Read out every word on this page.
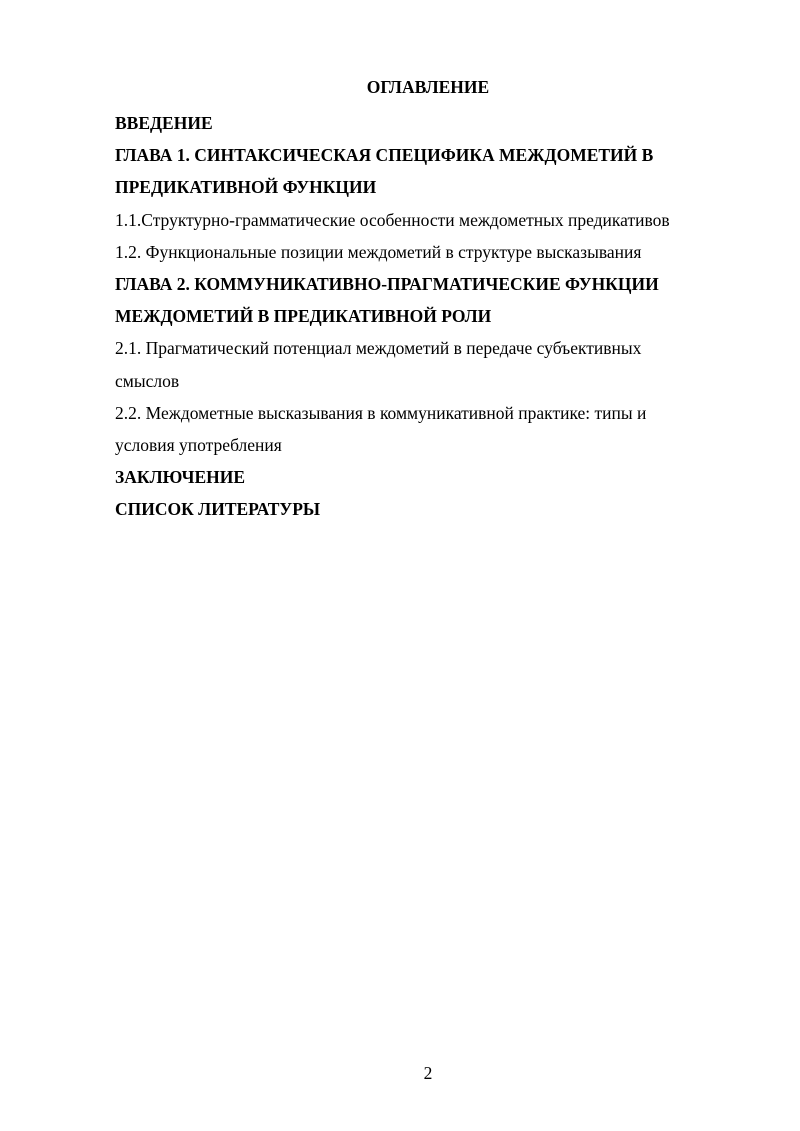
ОГЛАВЛЕНИЕ
ВВЕДЕНИЕ
ГЛАВА 1. СИНТАКСИЧЕСКАЯ СПЕЦИФИКА МЕЖДОМЕТИЙ В
ПРЕДИКАТИВНОЙ ФУНКЦИИ
1.1.Структурно-грамматические особенности междометных предикативов
1.2. Функциональные позиции междометий в структуре высказывания
ГЛАВА 2. КОММУНИКАТИВНО-ПРАГМАТИЧЕСКИЕ ФУНКЦИИ
МЕЖДОМЕТИЙ В ПРЕДИКАТИВНОЙ РОЛИ
2.1. Прагматический потенциал междометий в передаче субъективных
смыслов
2.2. Междометные высказывания в коммуникативной практике: типы и
условия употребления
ЗАКЛЮЧЕНИЕ
СПИСОК ЛИТЕРАТУРЫ
2
